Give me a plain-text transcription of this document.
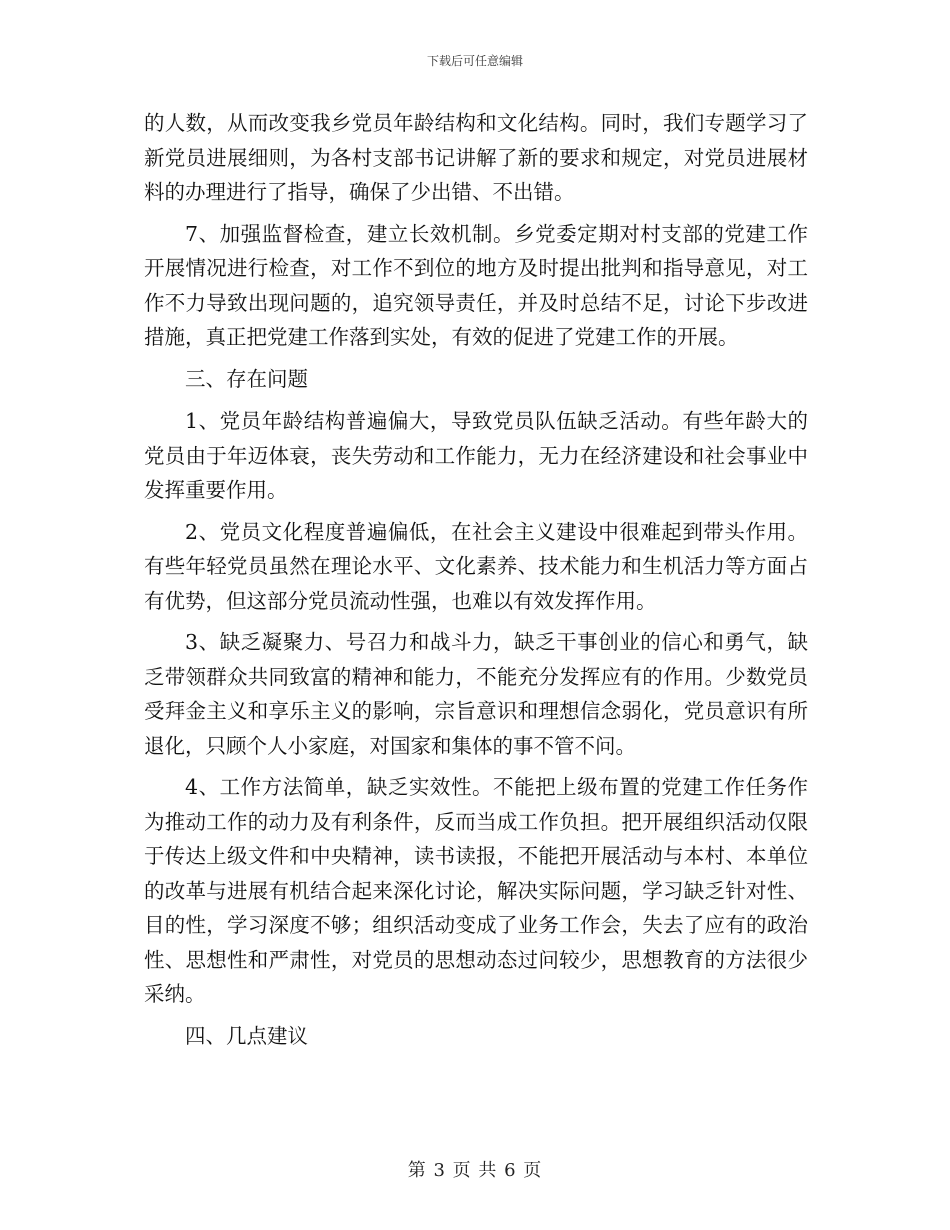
下载后可任意编辑

的人数，从而改变我乡党员年龄结构和文化结构。同时，我们专题学习了新党员进展细则，为各村支部书记讲解了新的要求和规定，对党员进展材料的办理进行了指导，确保了少出错、不出错。

7、加强监督检查，建立长效机制。乡党委定期对村支部的党建工作开展情况进行检查，对工作不到位的地方及时提出批判和指导意见，对工作不力导致出现问题的，追究领导责任，并及时总结不足，讨论下步改进措施，真正把党建工作落到实处，有效的促进了党建工作的开展。

三、存在问题

1、党员年龄结构普遍偏大，导致党员队伍缺乏活动。有些年龄大的党员由于年迈体衰，丧失劳动和工作能力，无力在经济建设和社会事业中发挥重要作用。

2、党员文化程度普遍偏低，在社会主义建设中很难起到带头作用。有些年轻党员虽然在理论水平、文化素养、技术能力和生机活力等方面占有优势，但这部分党员流动性强，也难以有效发挥作用。

3、缺乏凝聚力、号召力和战斗力，缺乏干事创业的信心和勇气，缺乏带领群众共同致富的精神和能力，不能充分发挥应有的作用。少数党员受拜金主义和享乐主义的影响，宗旨意识和理想信念弱化，党员意识有所退化，只顾个人小家庭，对国家和集体的事不管不问。

4、工作方法简单，缺乏实效性。不能把上级布置的党建工作任务作为推动工作的动力及有利条件，反而当成工作负担。把开展组织活动仅限于传达上级文件和中央精神，读书读报，不能把开展活动与本村、本单位的改革与进展有机结合起来深化讨论，解决实际问题，学习缺乏针对性、目的性，学习深度不够；组织活动变成了业务工作会，失去了应有的政治性、思想性和严肃性，对党员的思想动态过问较少，思想教育的方法很少采纳。

四、几点建议

第 3 页 共 6 页
